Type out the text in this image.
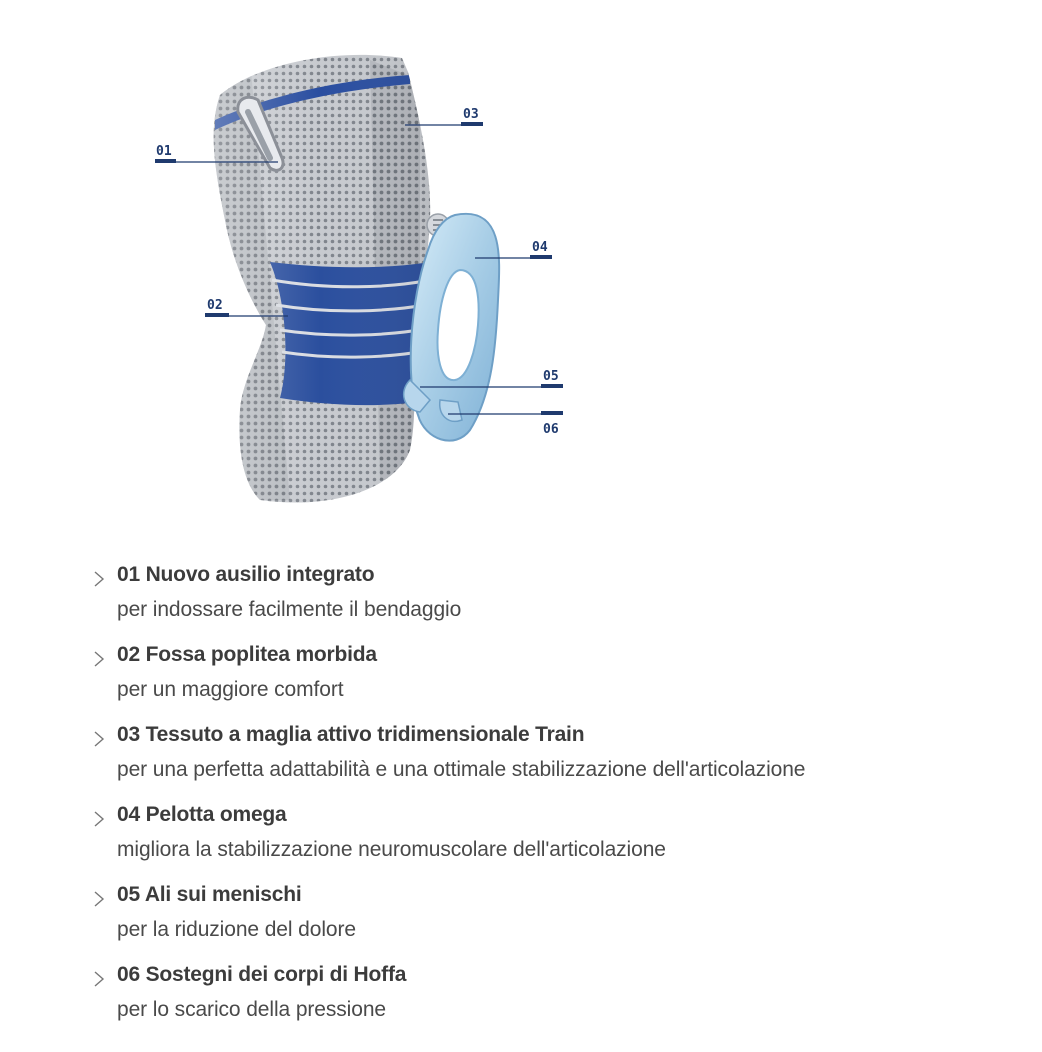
01
02
03
04
05
06
01 Nuovo ausilio integrato
per indossare facilmente il bendaggio
02 Fossa poplitea morbida
per un maggiore comfort
03 Tessuto a maglia attivo tridimensionale Train
per una perfetta adattabilità e una ottimale stabilizzazione dell'articolazione
04 Pelotta omega
migliora la stabilizzazione neuromuscolare dell'articolazione
05 Ali sui menischi
per la riduzione del dolore
06 Sostegni dei corpi di Hoffa
per lo scarico della pressione
